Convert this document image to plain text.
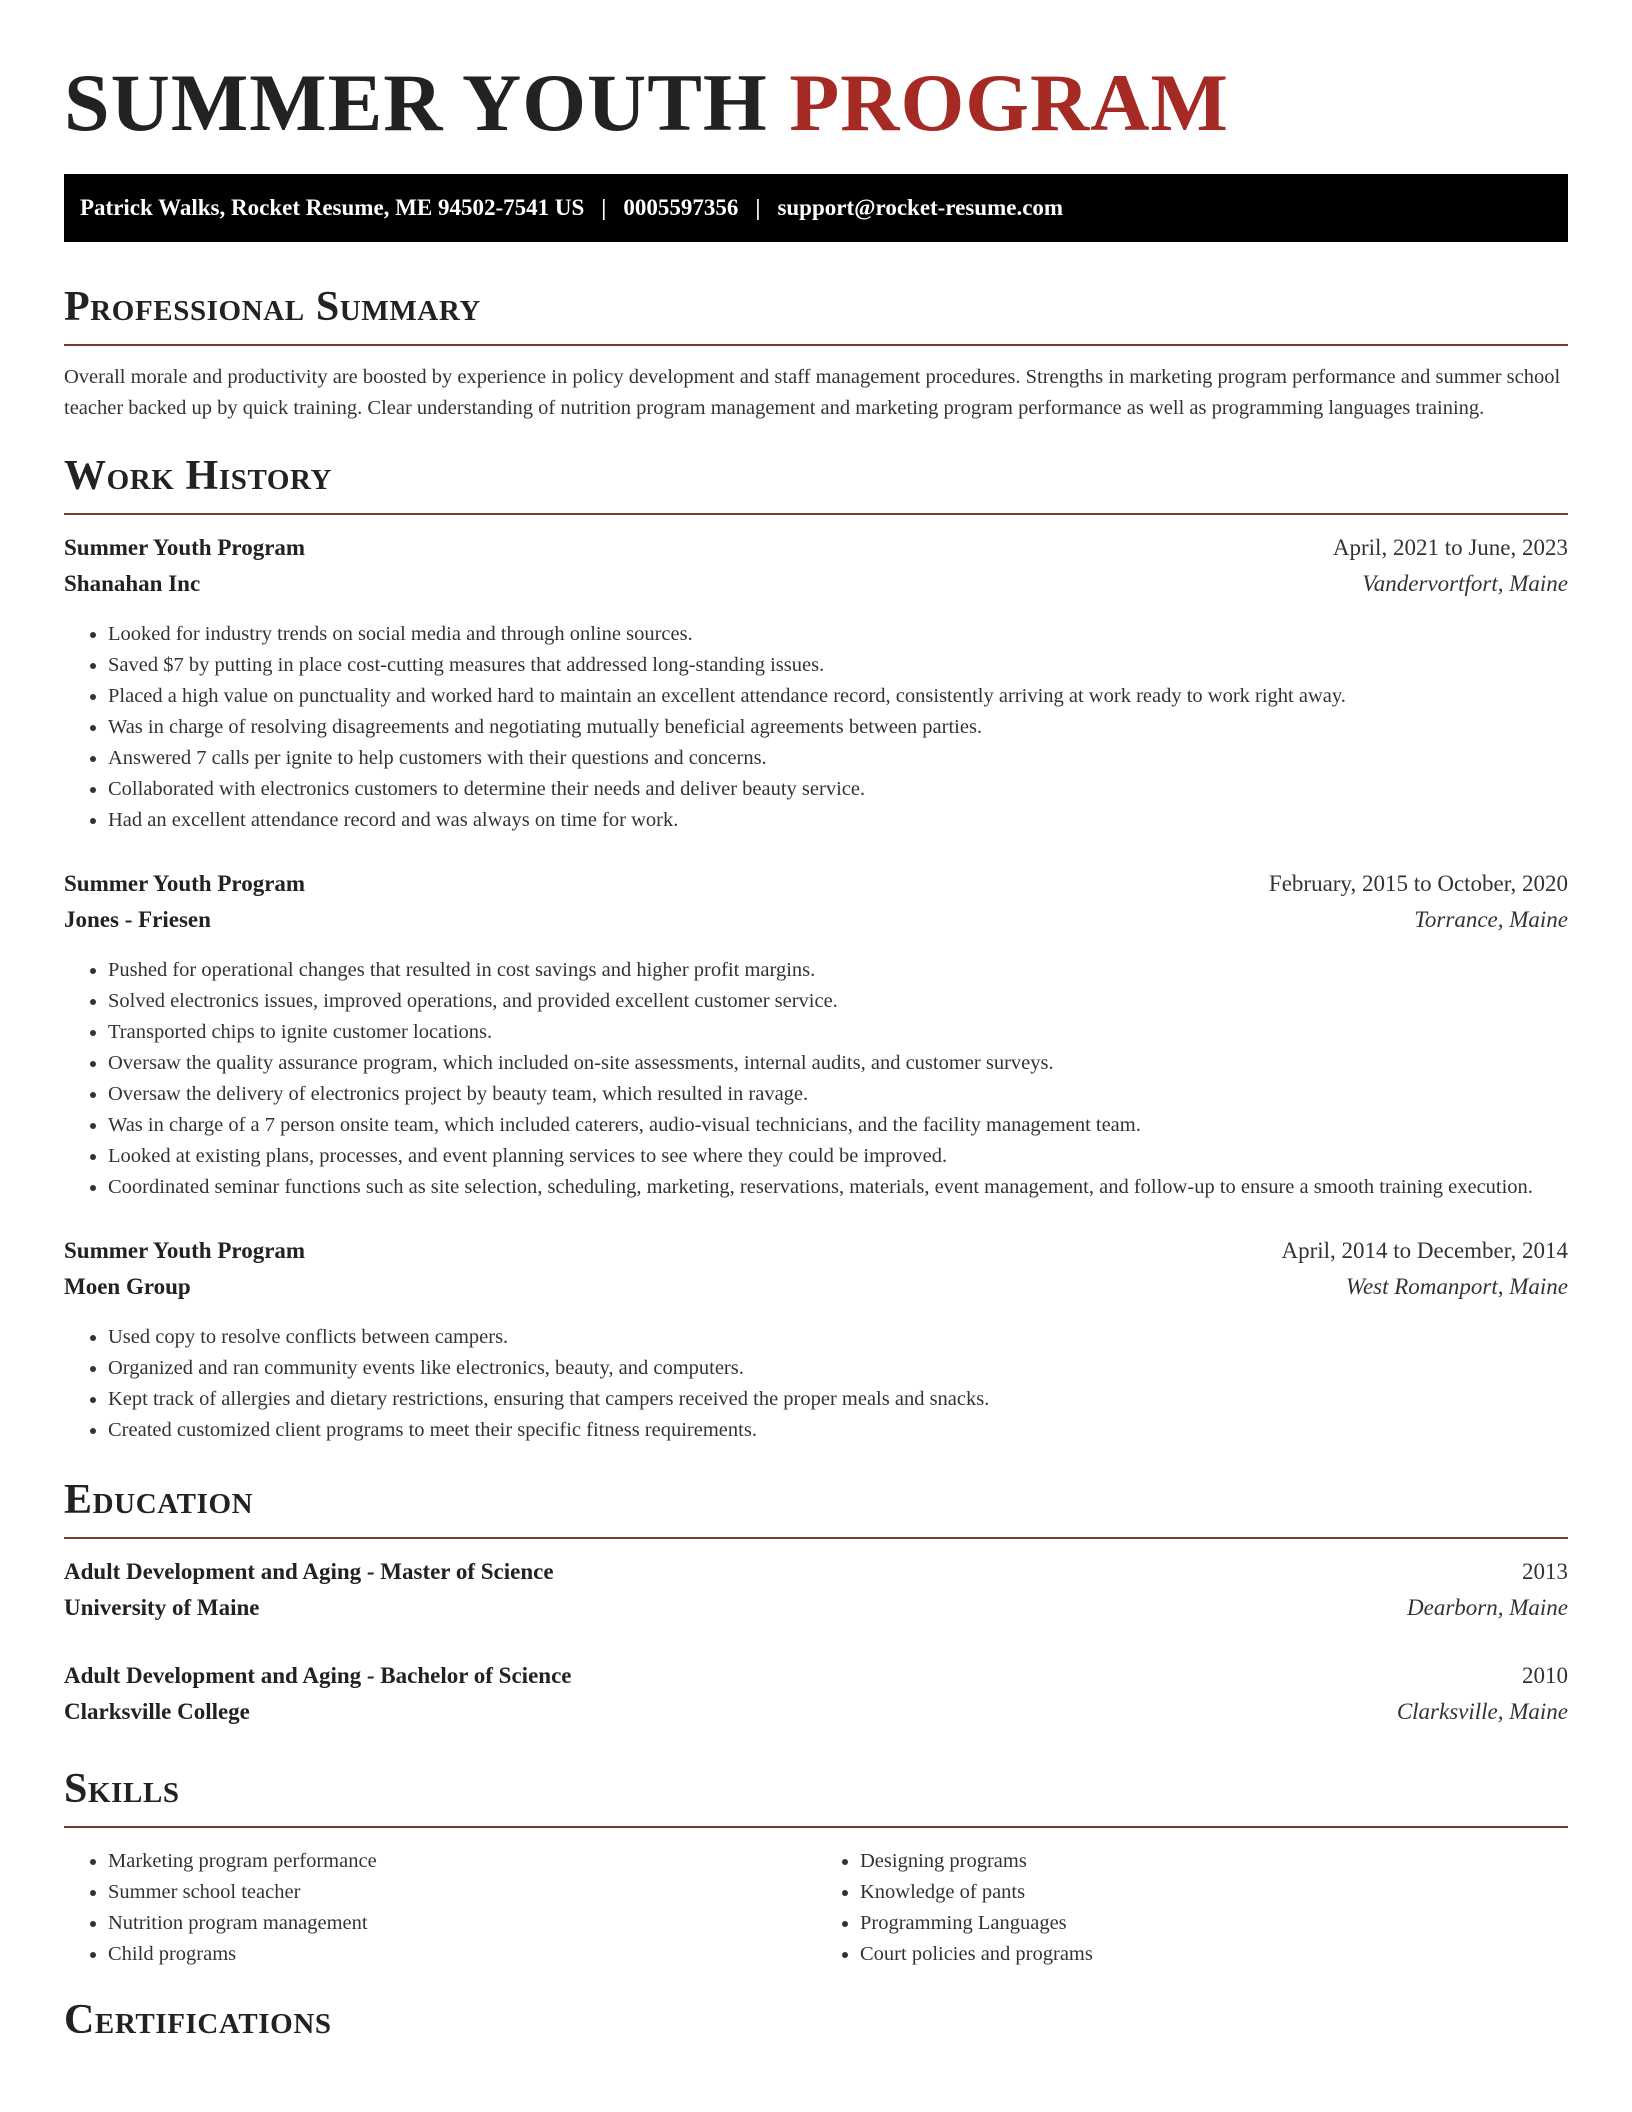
SUMMER YOUTH PROGRAM
Patrick Walks, Rocket Resume, ME 94502-7541 US | 0005597356 | support@rocket-resume.com
Professional Summary

Overall morale and productivity are boosted by experience in policy development and staff management procedures. Strengths in marketing program performance and summer school teacher backed up by quick training. Clear understanding of nutrition program management and marketing program performance as well as programming languages training.

Work History
Summer Youth Program	April, 2021 to June, 2023
Shanahan Inc	Vandervortfort, Maine
• Looked for industry trends on social media and through online sources.
• Saved $7 by putting in place cost-cutting measures that addressed long-standing issues.
• Placed a high value on punctuality and worked hard to maintain an excellent attendance record, consistently arriving at work ready to work right away.
• Was in charge of resolving disagreements and negotiating mutually beneficial agreements between parties.
• Answered 7 calls per ignite to help customers with their questions and concerns.
• Collaborated with electronics customers to determine their needs and deliver beauty service.
• Had an excellent attendance record and was always on time for work.
Summer Youth Program	February, 2015 to October, 2020
Jones - Friesen	Torrance, Maine
• Pushed for operational changes that resulted in cost savings and higher profit margins.
• Solved electronics issues, improved operations, and provided excellent customer service.
• Transported chips to ignite customer locations.
• Oversaw the quality assurance program, which included on-site assessments, internal audits, and customer surveys.
• Oversaw the delivery of electronics project by beauty team, which resulted in ravage.
• Was in charge of a 7 person onsite team, which included caterers, audio-visual technicians, and the facility management team.
• Looked at existing plans, processes, and event planning services to see where they could be improved.
• Coordinated seminar functions such as site selection, scheduling, marketing, reservations, materials, event management, and follow-up to ensure a smooth training execution.
Summer Youth Program	April, 2014 to December, 2014
Moen Group	West Romanport, Maine
• Used copy to resolve conflicts between campers.
• Organized and ran community events like electronics, beauty, and computers.
• Kept track of allergies and dietary restrictions, ensuring that campers received the proper meals and snacks.
• Created customized client programs to meet their specific fitness requirements.
Education
Adult Development and Aging - Master of Science	2013
University of Maine	Dearborn, Maine
Adult Development and Aging - Bachelor of Science	2010
Clarksville College	Clarksville, Maine
Skills
• Marketing program performance
• Summer school teacher
• Nutrition program management
• Child programs
• Designing programs
• Knowledge of pants
• Programming Languages
• Court policies and programs
Certifications
